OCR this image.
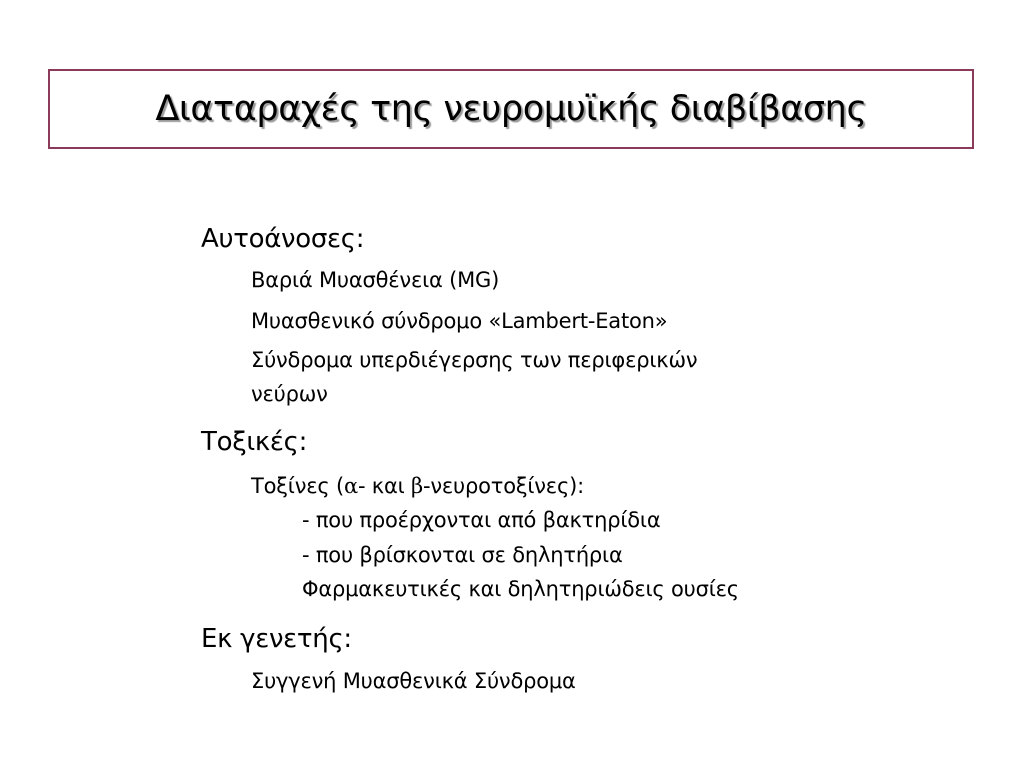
Διαταραχές της νευρομυϊκής διαβίβασης
Αυτοάνοσες:
Βαριά Μυασθένεια (MG)
Μυασθενικό σύνδρομο «Lambert-Eaton»
Σύνδρομα υπερδιέγερσης των περιφερικών
νεύρων
Τοξικές:
Τοξίνες (α- και β-νευροτοξίνες):
- που προέρχονται από βακτηρίδια
- που βρίσκονται σε δηλητήρια
Φαρμακευτικές και δηλητηριώδεις ουσίες
Εκ γενετής:
Συγγενή Μυασθενικά Σύνδρομα
